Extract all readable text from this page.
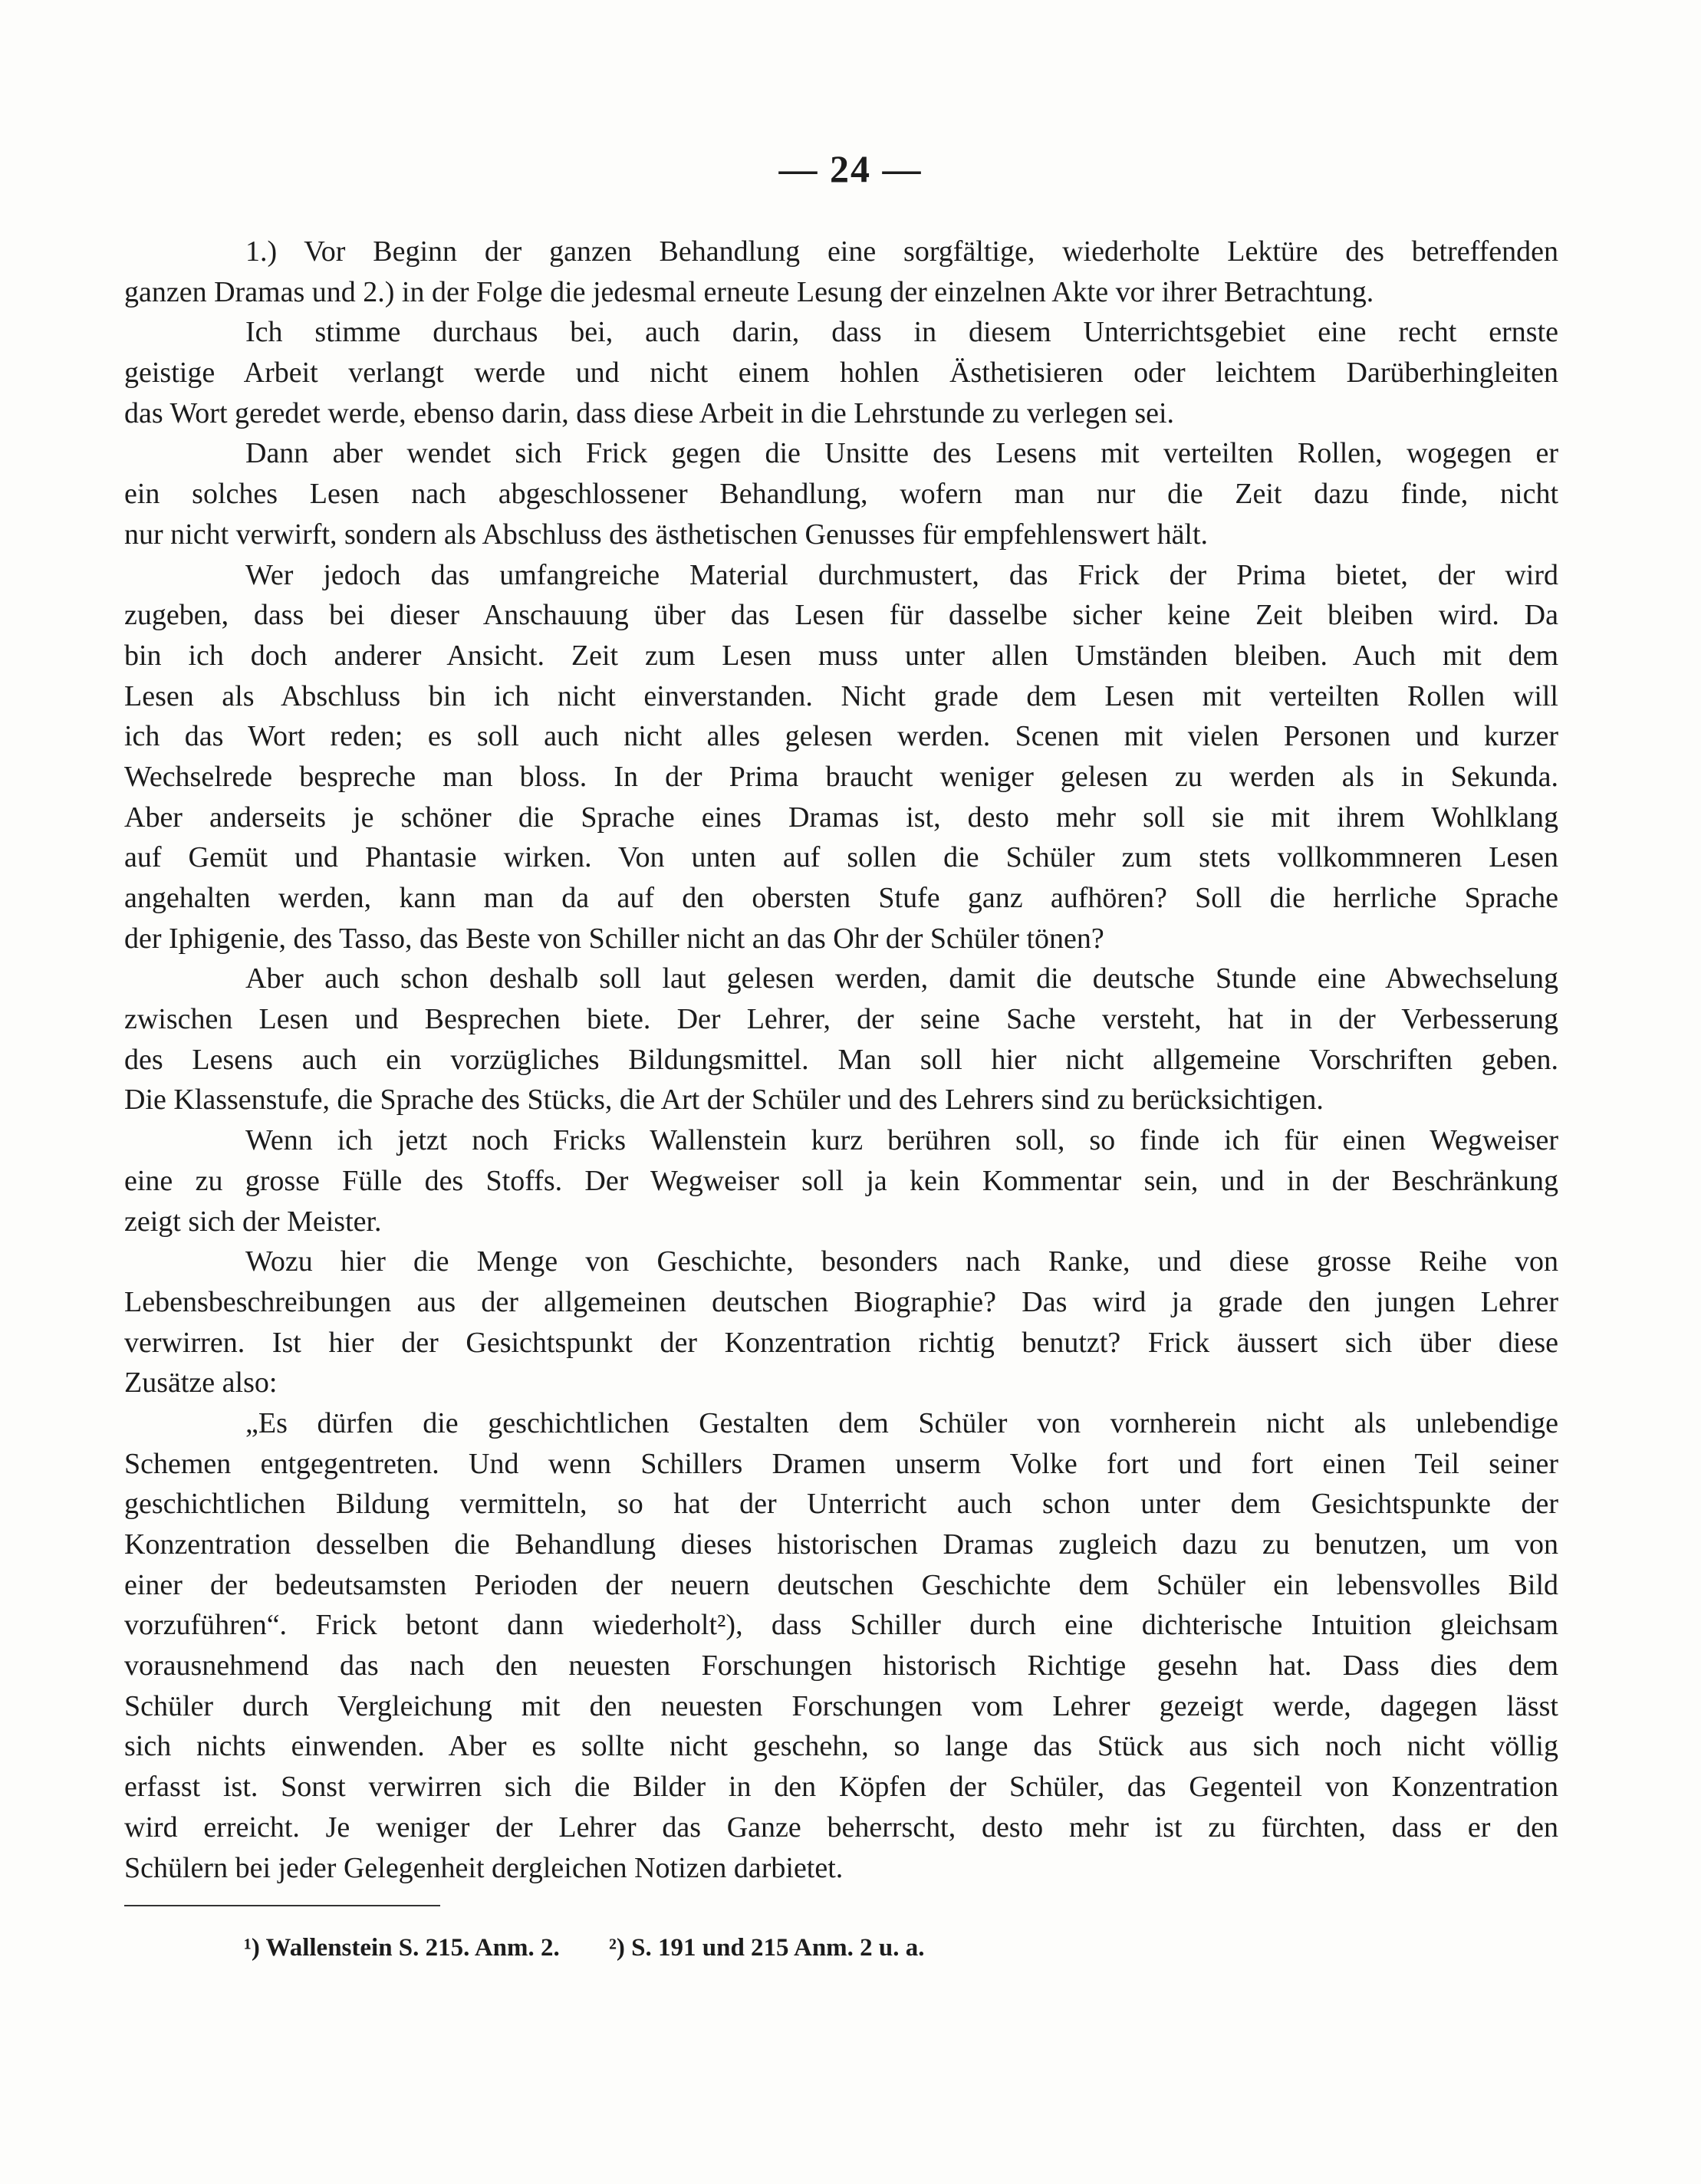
— 24 —
1.) Vor Beginn der ganzen Behandlung eine sorgfältige, wiederholte Lektüre des betreffenden
ganzen Dramas und 2.) in der Folge die jedesmal erneute Lesung der einzelnen Akte vor ihrer Betrachtung.
Ich stimme durchaus bei, auch darin, dass in diesem Unterrichtsgebiet eine recht ernste
geistige Arbeit verlangt werde und nicht einem hohlen Ästhetisieren oder leichtem Darüberhingleiten
das Wort geredet werde, ebenso darin, dass diese Arbeit in die Lehrstunde zu verlegen sei.
Dann aber wendet sich Frick gegen die Unsitte des Lesens mit verteilten Rollen, wogegen er
ein solches Lesen nach abgeschlossener Behandlung, wofern man nur die Zeit dazu finde, nicht
nur nicht verwirft, sondern als Abschluss des ästhetischen Genusses für empfehlenswert hält.
Wer jedoch das umfangreiche Material durchmustert, das Frick der Prima bietet, der wird
zugeben, dass bei dieser Anschauung über das Lesen für dasselbe sicher keine Zeit bleiben wird. Da
bin ich doch anderer Ansicht. Zeit zum Lesen muss unter allen Umständen bleiben. Auch mit dem
Lesen als Abschluss bin ich nicht einverstanden. Nicht grade dem Lesen mit verteilten Rollen will
ich das Wort reden; es soll auch nicht alles gelesen werden. Scenen mit vielen Personen und kurzer
Wechselrede bespreche man bloss. In der Prima braucht weniger gelesen zu werden als in Sekunda.
Aber anderseits je schöner die Sprache eines Dramas ist, desto mehr soll sie mit ihrem Wohlklang
auf Gemüt und Phantasie wirken. Von unten auf sollen die Schüler zum stets vollkommneren Lesen
angehalten werden, kann man da auf den obersten Stufe ganz aufhören? Soll die herrliche Sprache
der Iphigenie, des Tasso, das Beste von Schiller nicht an das Ohr der Schüler tönen?
Aber auch schon deshalb soll laut gelesen werden, damit die deutsche Stunde eine Abwechselung
zwischen Lesen und Besprechen biete. Der Lehrer, der seine Sache versteht, hat in der Verbesserung
des Lesens auch ein vorzügliches Bildungsmittel. Man soll hier nicht allgemeine Vorschriften geben.
Die Klassenstufe, die Sprache des Stücks, die Art der Schüler und des Lehrers sind zu berücksichtigen.
Wenn ich jetzt noch Fricks Wallenstein kurz berühren soll, so finde ich für einen Wegweiser
eine zu grosse Fülle des Stoffs. Der Wegweiser soll ja kein Kommentar sein, und in der Beschränkung
zeigt sich der Meister.
Wozu hier die Menge von Geschichte, besonders nach Ranke, und diese grosse Reihe von
Lebensbeschreibungen aus der allgemeinen deutschen Biographie? Das wird ja grade den jungen Lehrer
verwirren. Ist hier der Gesichtspunkt der Konzentration richtig benutzt? Frick äussert sich über diese
Zusätze also:
„Es dürfen die geschichtlichen Gestalten dem Schüler von vornherein nicht als unlebendige
Schemen entgegentreten. Und wenn Schillers Dramen unserm Volke fort und fort einen Teil seiner
geschichtlichen Bildung vermitteln, so hat der Unterricht auch schon unter dem Gesichtspunkte der
Konzentration desselben die Behandlung dieses historischen Dramas zugleich dazu zu benutzen, um von
einer der bedeutsamsten Perioden der neuern deutschen Geschichte dem Schüler ein lebensvolles Bild
vorzuführen“. Frick betont dann wiederholt²), dass Schiller durch eine dichterische Intuition gleichsam
vorausnehmend das nach den neuesten Forschungen historisch Richtige gesehn hat. Dass dies dem
Schüler durch Vergleichung mit den neuesten Forschungen vom Lehrer gezeigt werde, dagegen lässt
sich nichts einwenden. Aber es sollte nicht geschehn, so lange das Stück aus sich noch nicht völlig
erfasst ist. Sonst verwirren sich die Bilder in den Köpfen der Schüler, das Gegenteil von Konzentration
wird erreicht. Je weniger der Lehrer das Ganze beherrscht, desto mehr ist zu fürchten, dass er den
Schülern bei jeder Gelegenheit dergleichen Notizen darbietet.
¹) Wallenstein S. 215. Anm. 2. ²) S. 191 und 215 Anm. 2 u. a.
